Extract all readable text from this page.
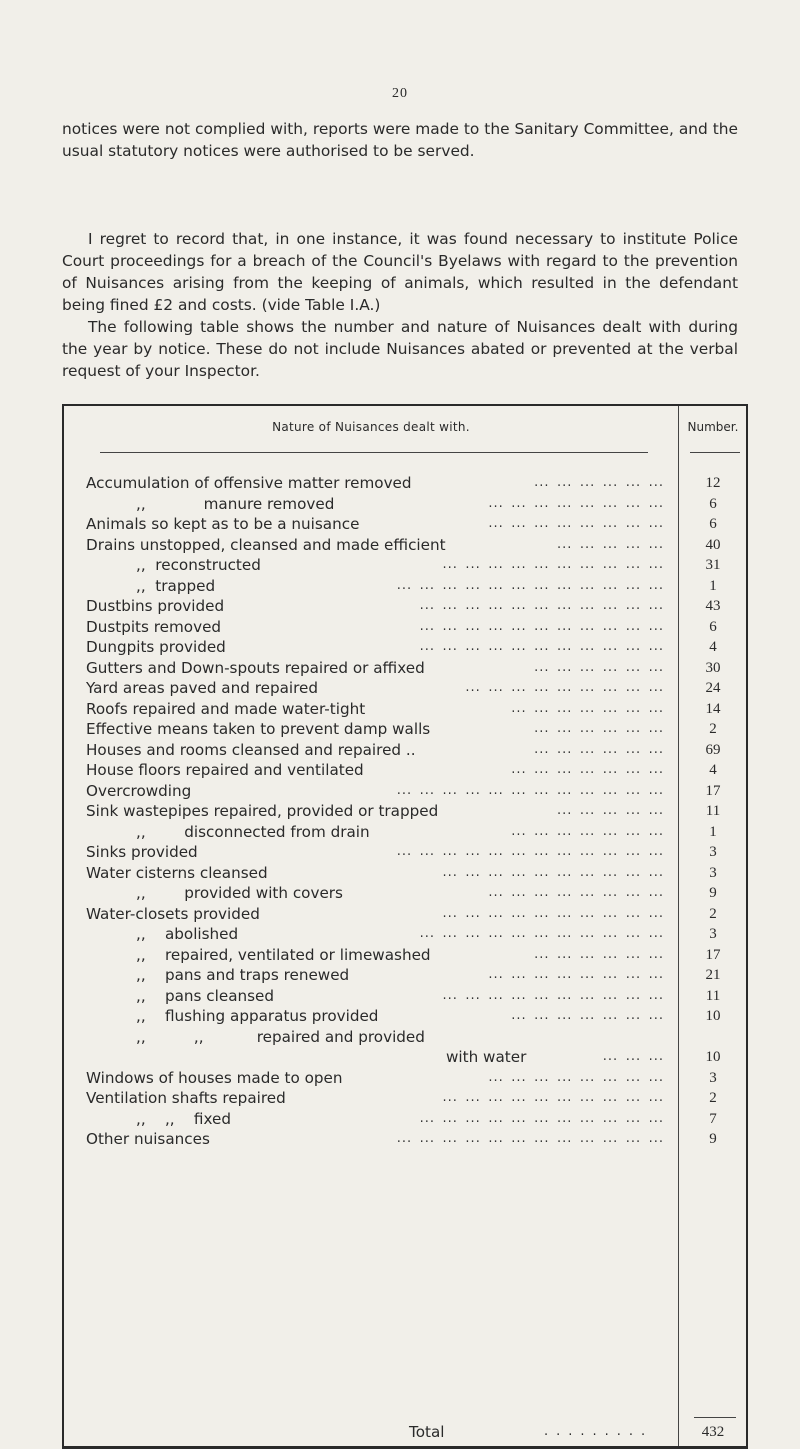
20

notices were not complied with, reports were made to the Sanitary Committee, and the usual statutory notices were authorised to be served.

I regret to record that, in one instance, it was found necessary to institute Police Court proceedings for a breach of the Council's Byelaws with regard to the prevention of Nuisances arising from the keeping of animals, which resulted in the defendant being fined £2 and costs. (vide Table I.A.)

The following table shows the number and nature of Nuisances dealt with during the year by notice. These do not include Nuisances abated or prevented at the verbal request of your Inspector.

Nature of Nuisances dealt with.	Number.
Accumulation of offensive matter removed	... ... ... ... ... ...	12
,,            manure removed	... ... ... ... ... ... ... ...	6
Animals so kept as to be a nuisance	... ... ... ... ... ... ... ...	6
Drains unstopped, cleansed and made efficient	... ... ... ... ...	40
,,  reconstructed	... ... ... ... ... ... ... ... ... ...	31
,,  trapped	... ... ... ... ... ... ... ... ... ... ... ...	1
Dustbins provided	... ... ... ... ... ... ... ... ... ... ...	43
Dustpits removed	... ... ... ... ... ... ... ... ... ... ...	6
Dungpits provided	... ... ... ... ... ... ... ... ... ... ...	4
Gutters and Down-spouts repaired or affixed	... ... ... ... ... ...	30
Yard areas paved and repaired	... ... ... ... ... ... ... ... ...	24
Roofs repaired and made water-tight	... ... ... ... ... ... ...	14
Effective means taken to prevent damp walls	... ... ... ... ... ...	2
Houses and rooms cleansed and repaired ..	... ... ... ... ... ...	69
House floors repaired and ventilated	... ... ... ... ... ... ...	4
Overcrowding	... ... ... ... ... ... ... ... ... ... ... ...	17
Sink wastepipes repaired, provided or trapped	... ... ... ... ...	11
,,        disconnected from drain	... ... ... ... ... ... ...	1
Sinks provided	... ... ... ... ... ... ... ... ... ... ... ...	3
Water cisterns cleansed	... ... ... ... ... ... ... ... ... ...	3
,,        provided with covers	... ... ... ... ... ... ... ...	9
Water-closets provided	... ... ... ... ... ... ... ... ... ...	2
,,    abolished	... ... ... ... ... ... ... ... ... ... ...	3
,,    repaired, ventilated or limewashed	... ... ... ... ... ...	17
,,    pans and traps renewed	... ... ... ... ... ... ... ...	21
,,    pans cleansed	... ... ... ... ... ... ... ... ... ...	11
,,    flushing apparatus provided	... ... ... ... ... ... ...	10
,,          ,,           repaired and provided
with water	... ... ...	10
Windows of houses made to open	... ... ... ... ... ... ... ...	3
Ventilation shafts repaired	... ... ... ... ... ... ... ... ... ...	2
,,    ,,    fixed	... ... ... ... ... ... ... ... ... ... ...	7
Other nuisances	... ... ... ... ... ... ... ... ... ... ... ...	9
Total	...​...​...	432
